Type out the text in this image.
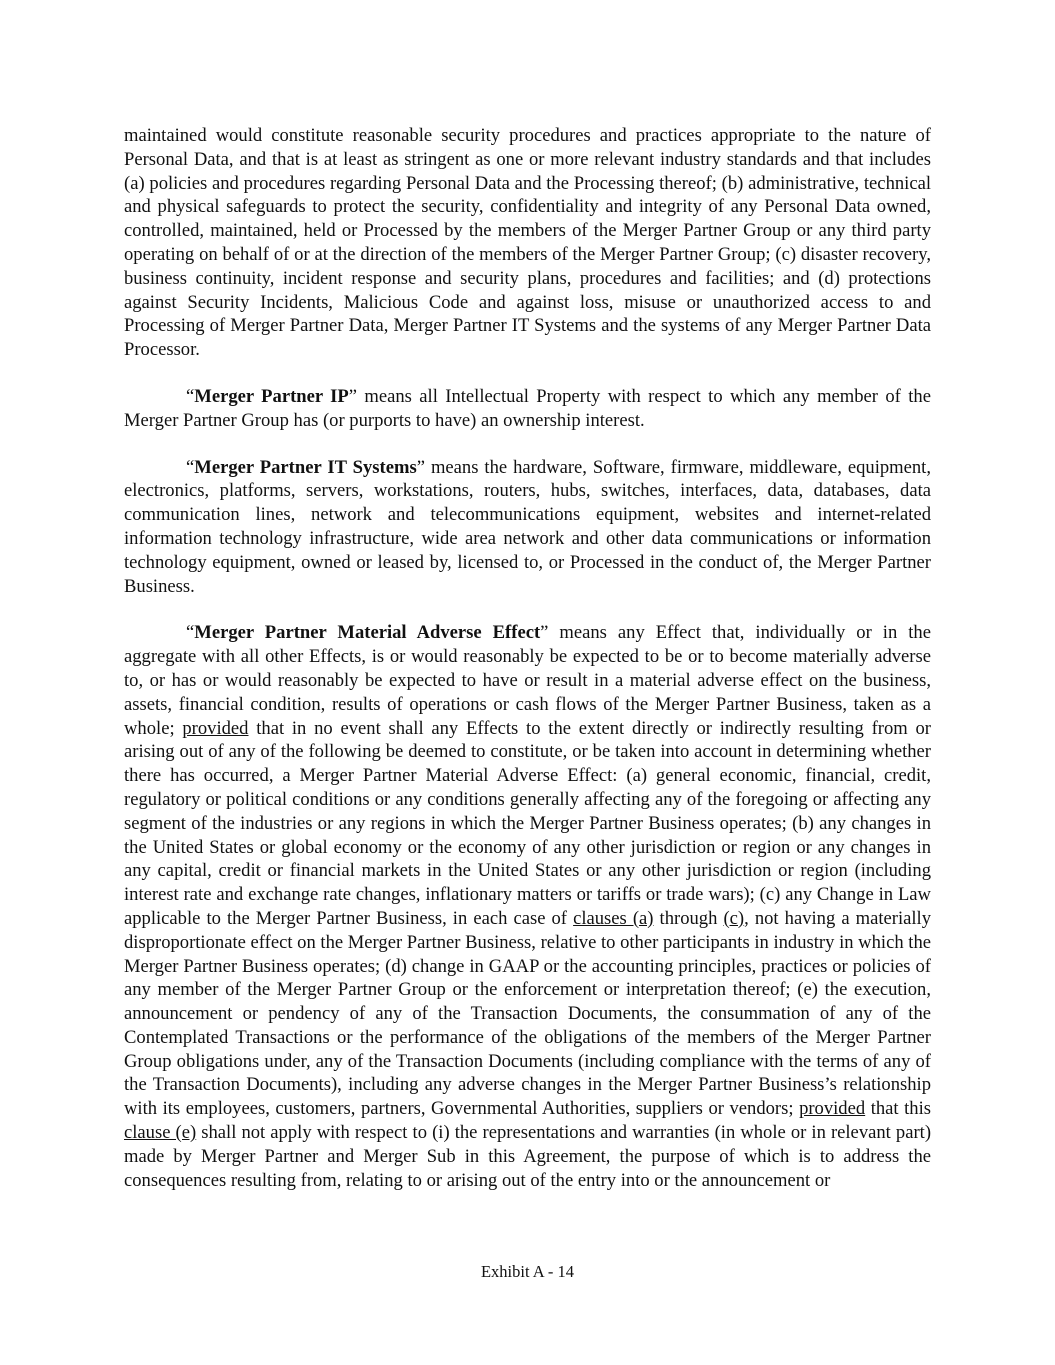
maintained would constitute reasonable security procedures and practices appropriate to the nature of Personal Data, and that is at least as stringent as one or more relevant industry standards and that includes (a) policies and procedures regarding Personal Data and the Processing thereof; (b) administrative, technical and physical safeguards to protect the security, confidentiality and integrity of any Personal Data owned, controlled, maintained, held or Processed by the members of the Merger Partner Group or any third party operating on behalf of or at the direction of the members of the Merger Partner Group; (c) disaster recovery, business continuity, incident response and security plans, procedures and facilities; and (d) protections against Security Incidents, Malicious Code and against loss, misuse or unauthorized access to and Processing of Merger Partner Data, Merger Partner IT Systems and the systems of any Merger Partner Data Processor.

“Merger Partner IP” means all Intellectual Property with respect to which any member of the Merger Partner Group has (or purports to have) an ownership interest.

“Merger Partner IT Systems” means the hardware, Software, firmware, middleware, equipment, electronics, platforms, servers, workstations, routers, hubs, switches, interfaces, data, databases, data communication lines, network and telecommunications equipment, websites and internet-related information technology infrastructure, wide area network and other data communications or information technology equipment, owned or leased by, licensed to, or Processed in the conduct of, the Merger Partner Business.

“Merger Partner Material Adverse Effect” means any Effect that, individually or in the aggregate with all other Effects, is or would reasonably be expected to be or to become materially adverse to, or has or would reasonably be expected to have or result in a material adverse effect on the business, assets, financial condition, results of operations or cash flows of the Merger Partner Business, taken as a whole; provided that in no event shall any Effects to the extent directly or indirectly resulting from or arising out of any of the following be deemed to constitute, or be taken into account in determining whether there has occurred, a Merger Partner Material Adverse Effect: (a) general economic, financial, credit, regulatory or political conditions or any conditions generally affecting any of the foregoing or affecting any segment of the industries or any regions in which the Merger Partner Business operates; (b) any changes in the United States or global economy or the economy of any other jurisdiction or region or any changes in any capital, credit or financial markets in the United States or any other jurisdiction or region (including interest rate and exchange rate changes, inflationary matters or tariffs or trade wars); (c) any Change in Law applicable to the Merger Partner Business, in each case of clauses (a) through (c), not having a materially disproportionate effect on the Merger Partner Business, relative to other participants in industry in which the Merger Partner Business operates; (d) change in GAAP or the accounting principles, practices or policies of any member of the Merger Partner Group or the enforcement or interpretation thereof; (e) the execution, announcement or pendency of any of the Transaction Documents, the consummation of any of the Contemplated Transactions or the performance of the obligations of the members of the Merger Partner Group obligations under, any of the Transaction Documents (including compliance with the terms of any of the Transaction Documents), including any adverse changes in the Merger Partner Business’s relationship with its employees, customers, partners, Governmental Authorities, suppliers or vendors; provided that this clause (e) shall not apply with respect to (i) the representations and warranties (in whole or in relevant part) made by Merger Partner and Merger Sub in this Agreement, the purpose of which is to address the consequences resulting from, relating to or arising out of the entry into or the announcement or

Exhibit A - 14
